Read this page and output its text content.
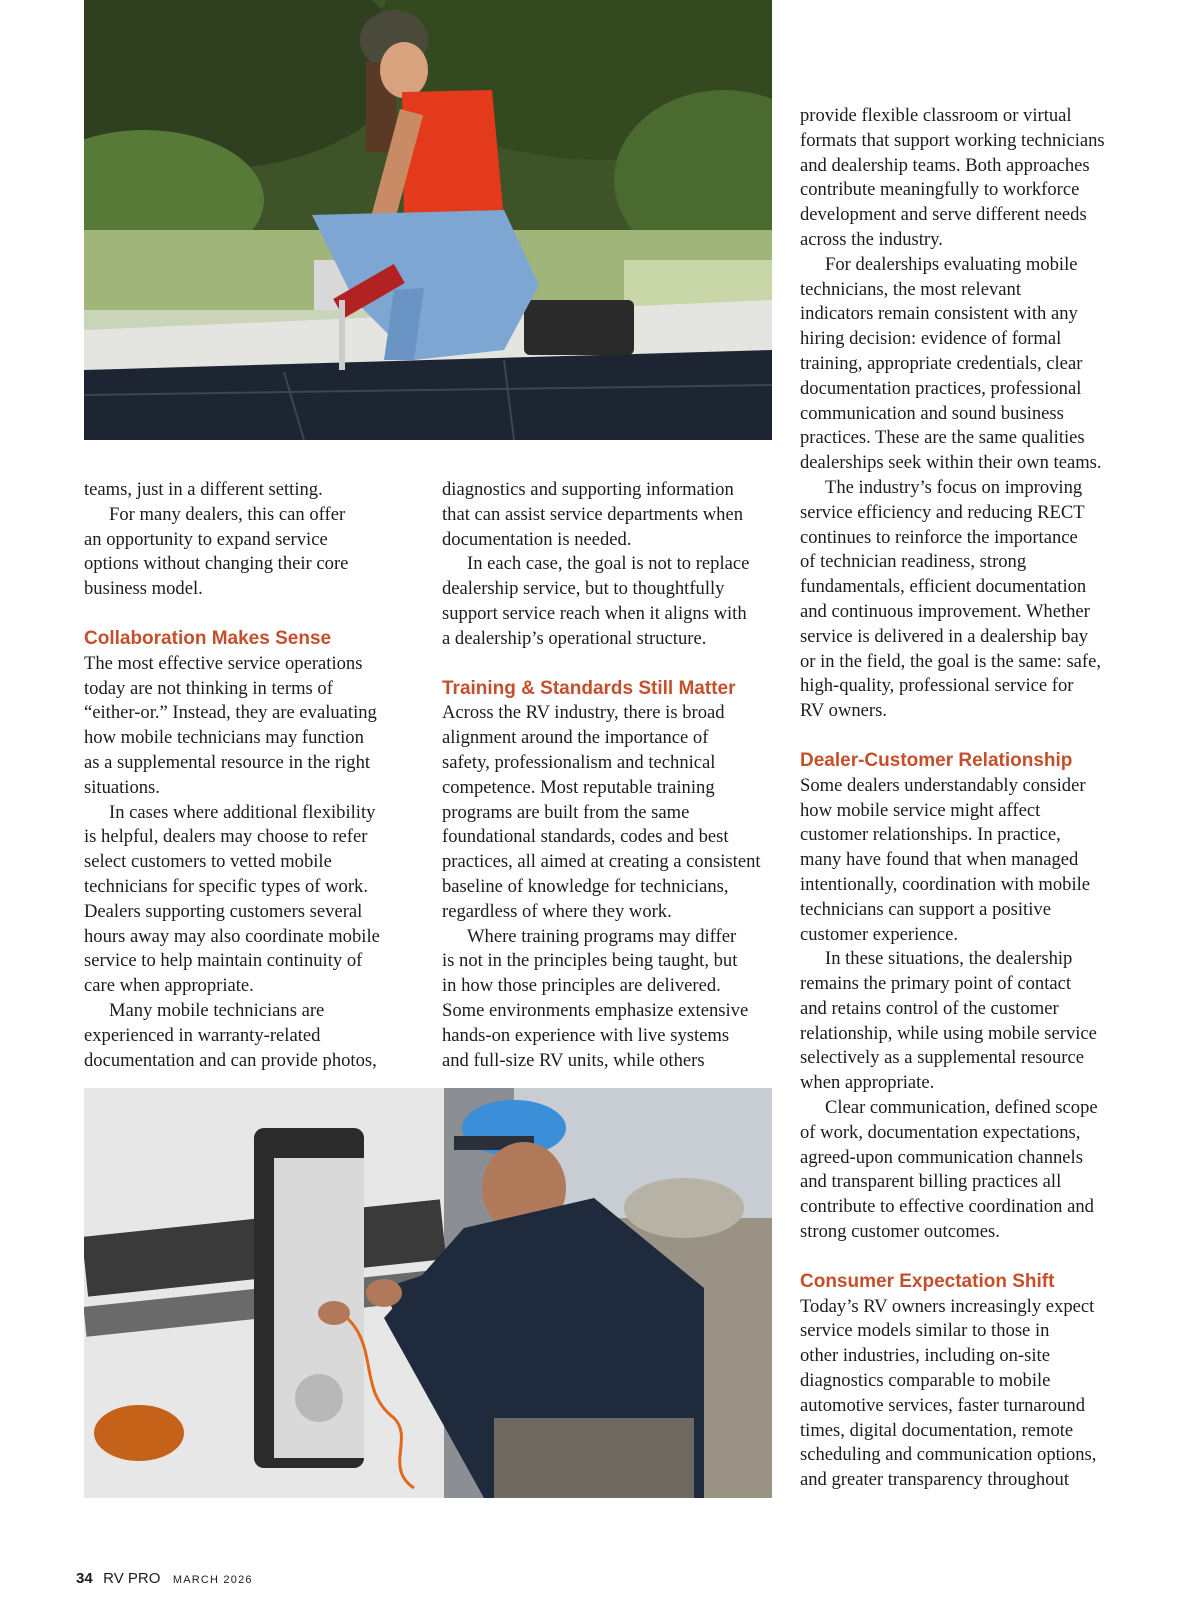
teams, just in a different setting.

For many dealers, this can offer
an opportunity to expand service
options without changing their core
business model.

Collaboration Makes Sense

The most effective service operations
today are not thinking in terms of
“either-or.” Instead, they are evaluating
how mobile technicians may function
as a supplemental resource in the right
situations.

In cases where additional flexibility
is helpful, dealers may choose to refer
select customers to vetted mobile
technicians for specific types of work.
Dealers supporting customers several
hours away may also coordinate mobile
service to help maintain continuity of
care when appropriate.

Many mobile technicians are
experienced in warranty-related
documentation and can provide photos,

diagnostics and supporting information
that can assist service departments when
documentation is needed.

In each case, the goal is not to replace
dealership service, but to thoughtfully
support service reach when it aligns with
a dealership’s operational structure.

Training & Standards Still Matter

Across the RV industry, there is broad
alignment around the importance of
safety, professionalism and technical
competence. Most reputable training
programs are built from the same
foundational standards, codes and best
practices, all aimed at creating a consistent
baseline of knowledge for technicians,
regardless of where they work.

Where training programs may differ
is not in the principles being taught, but
in how those principles are delivered.
Some environments emphasize extensive
hands-on experience with live systems
and full-size RV units, while others

provide flexible classroom or virtual
formats that support working technicians
and dealership teams. Both approaches
contribute meaningfully to workforce
development and serve different needs
across the industry.

For dealerships evaluating mobile
technicians, the most relevant
indicators remain consistent with any
hiring decision: evidence of formal
training, appropriate credentials, clear
documentation practices, professional
communication and sound business
practices. These are the same qualities
dealerships seek within their own teams.

The industry’s focus on improving
service efficiency and reducing RECT
continues to reinforce the importance
of technician readiness, strong
fundamentals, efficient documentation
and continuous improvement. Whether
service is delivered in a dealership bay
or in the field, the goal is the same: safe,
high-quality, professional service for
RV owners.

Dealer-Customer Relationship

Some dealers understandably consider
how mobile service might affect
customer relationships. In practice,
many have found that when managed
intentionally, coordination with mobile
technicians can support a positive
customer experience.

In these situations, the dealership
remains the primary point of contact
and retains control of the customer
relationship, while using mobile service
selectively as a supplemental resource
when appropriate.

Clear communication, defined scope
of work, documentation expectations,
agreed-upon communication channels
and transparent billing practices all
contribute to effective coordination and
strong customer outcomes.

Consumer Expectation Shift

Today’s RV owners increasingly expect
service models similar to those in
other industries, including on-site
diagnostics comparable to mobile
automotive services, faster turnaround
times, digital documentation, remote
scheduling and communication options,
and greater transparency throughout

34 RV PRO MARCH 2026
